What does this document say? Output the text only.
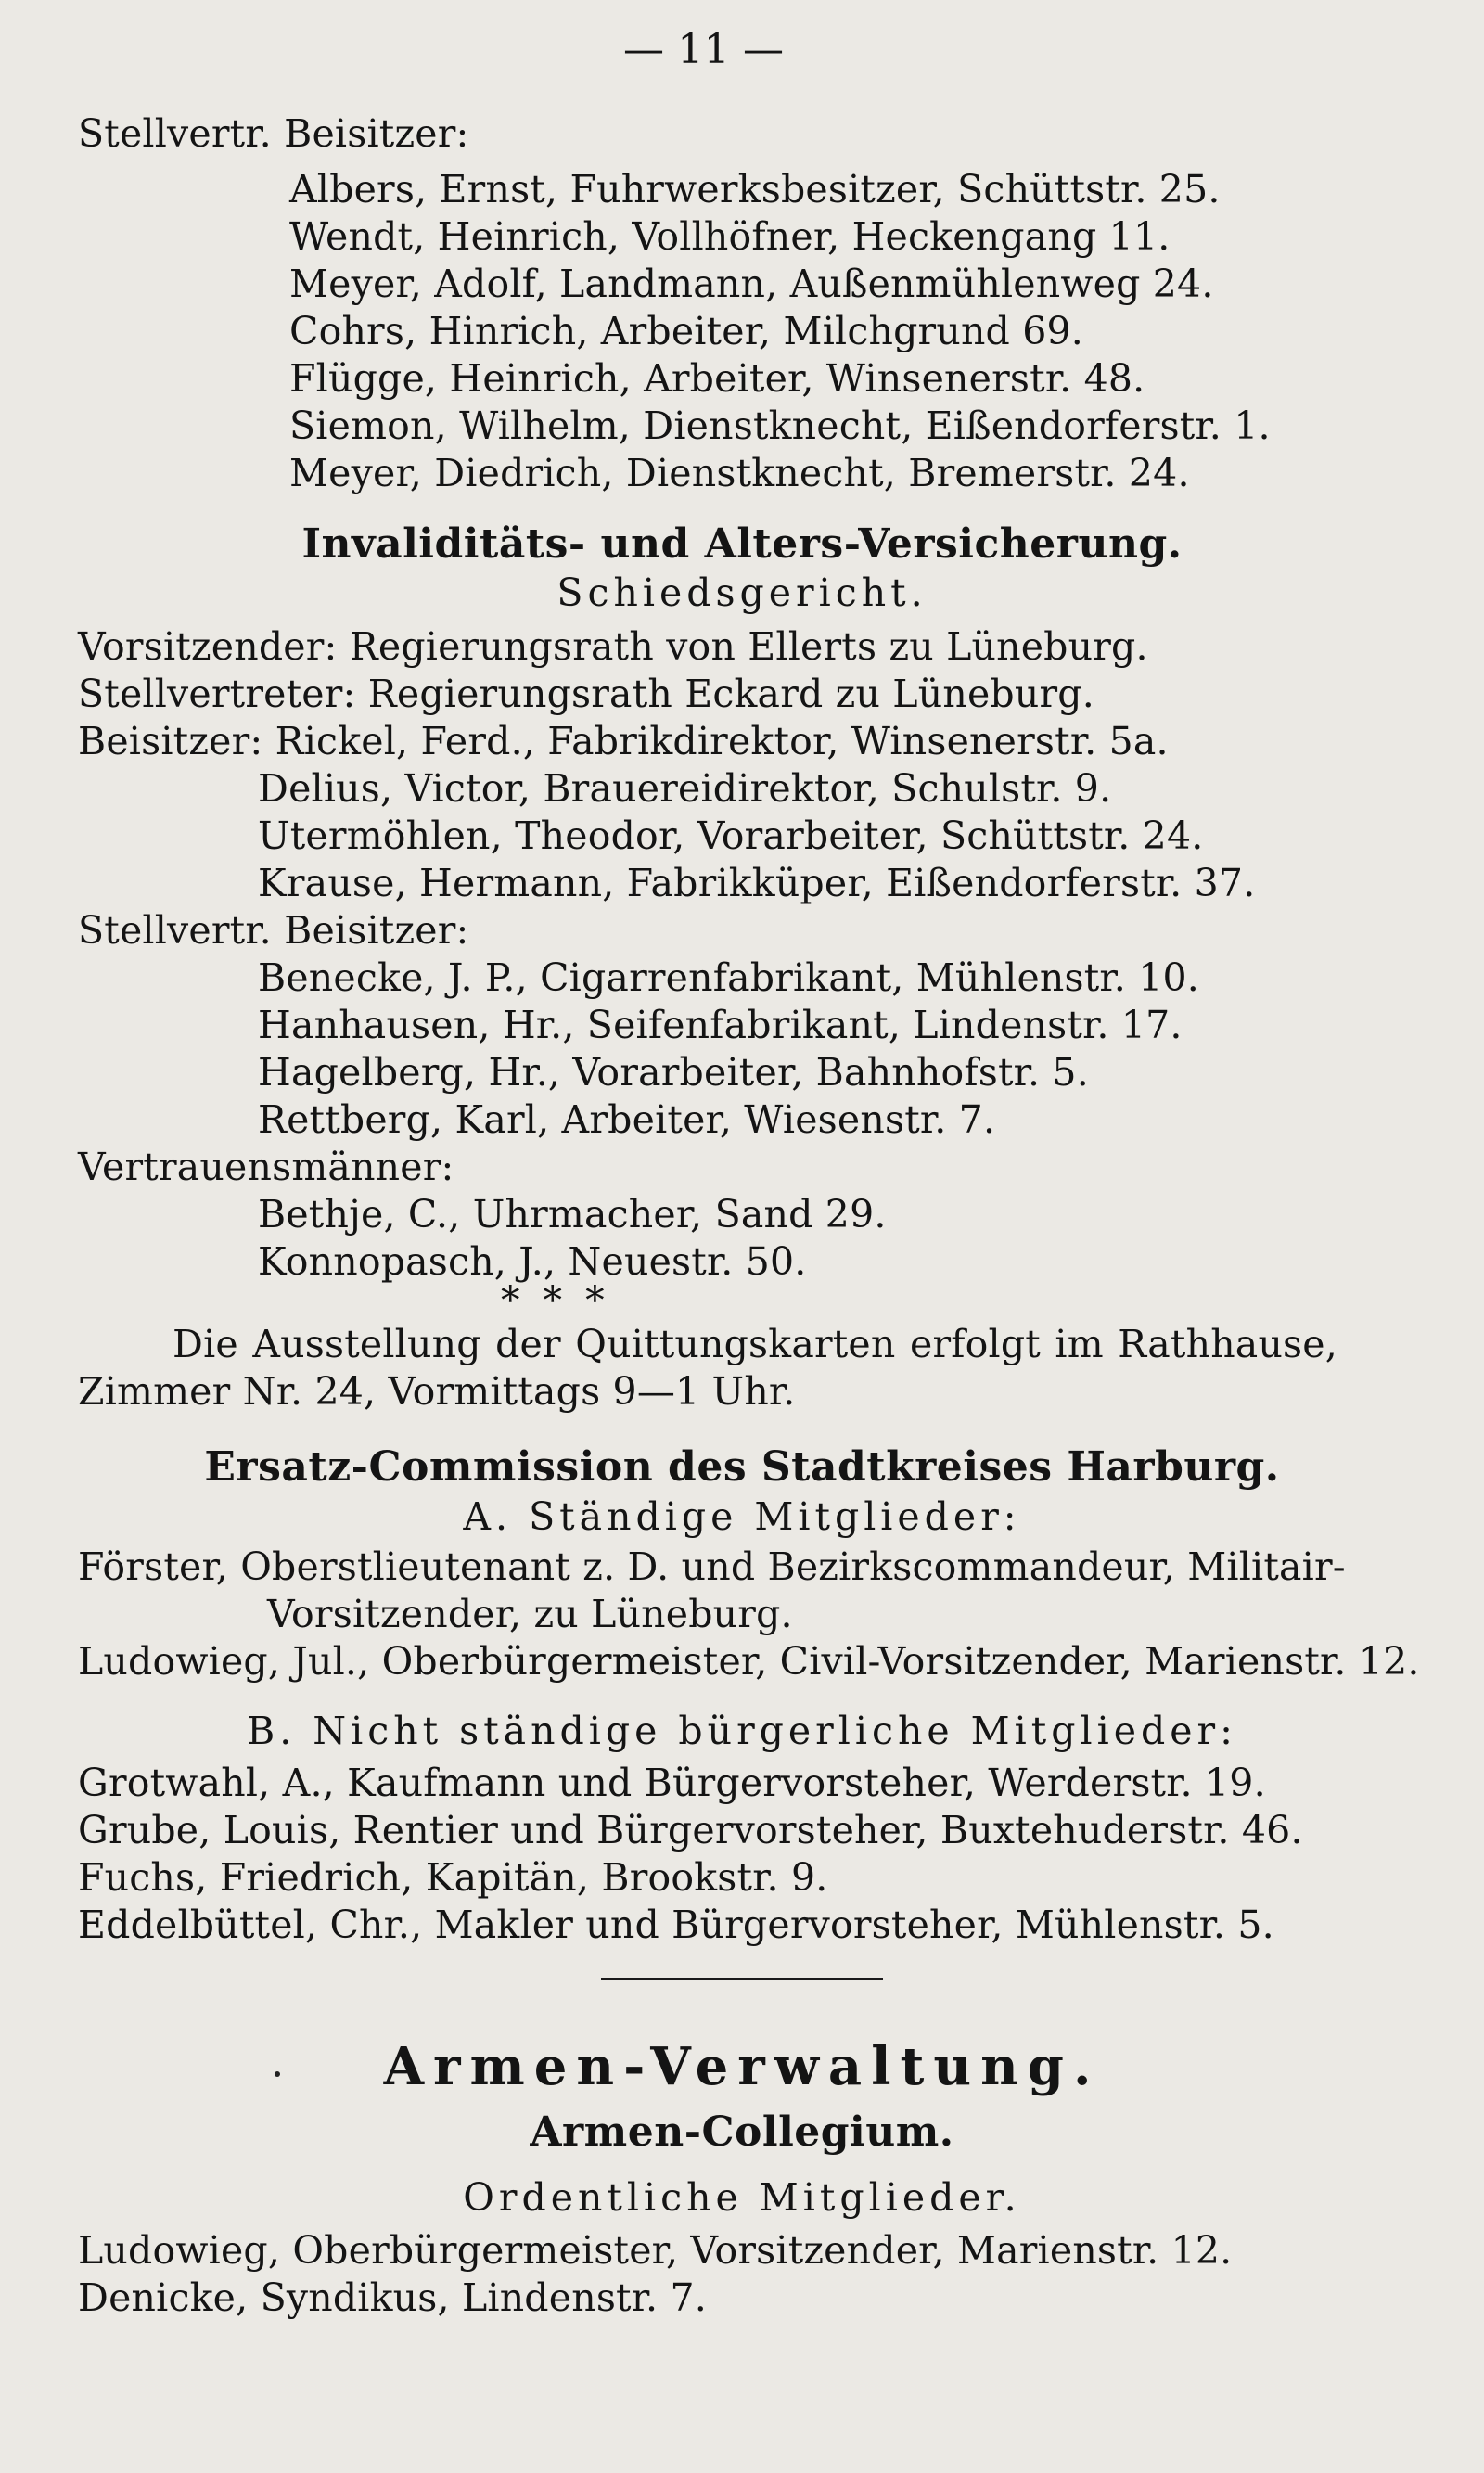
— 11 —
Stellvertr. Beisitzer:
Albers, Ernst, Fuhrwerksbesitzer, Schüttstr. 25.
Wendt, Heinrich, Vollhöfner, Heckengang 11.
Meyer, Adolf, Landmann, Außenmühlenweg 24.
Cohrs, Hinrich, Arbeiter, Milchgrund 69.
Flügge, Heinrich, Arbeiter, Winsenerstr. 48.
Siemon, Wilhelm, Dienstknecht, Eißendorferstr. 1.
Meyer, Diedrich, Dienstknecht, Bremerstr. 24.
Invaliditäts- und Alters-Versicherung.
Schiedsgericht.
Vorsitzender: Regierungsrath von Ellerts zu Lüneburg.
Stellvertreter: Regierungsrath Eckard zu Lüneburg.
Beisitzer: Rickel, Ferd., Fabrikdirektor, Winsenerstr. 5a.
Delius, Victor, Brauereidirektor, Schulstr. 9.
Utermöhlen, Theodor, Vorarbeiter, Schüttstr. 24.
Krause, Hermann, Fabrikküper, Eißendorferstr. 37.
Stellvertr. Beisitzer:
Benecke, J. P., Cigarrenfabrikant, Mühlenstr. 10.
Hanhausen, Hr., Seifenfabrikant, Lindenstr. 17.
Hagelberg, Hr., Vorarbeiter, Bahnhofstr. 5.
Rettberg, Karl, Arbeiter, Wiesenstr. 7.
Vertrauensmänner:
Bethje, C., Uhrmacher, Sand 29.
Konnopasch, J., Neuestr. 50.
* * *
Die Ausstellung der Quittungskarten erfolgt im Rathhause,
Zimmer Nr. 24, Vormittags 9—1 Uhr.
Ersatz-Commission des Stadtkreises Harburg.
A. Ständige Mitglieder:
Förster, Oberstlieutenant z. D. und Bezirkscommandeur, Militair-
Vorsitzender, zu Lüneburg.
Ludowieg, Jul., Oberbürgermeister, Civil-Vorsitzender, Marienstr. 12.
B. Nicht ständige bürgerliche Mitglieder:
Grotwahl, A., Kaufmann und Bürgervorsteher, Werderstr. 19.
Grube, Louis, Rentier und Bürgervorsteher, Buxtehuderstr. 46.
Fuchs, Friedrich, Kapitän, Brookstr. 9.
Eddelbüttel, Chr., Makler und Bürgervorsteher, Mühlenstr. 5.
Armen-Verwaltung.
Armen-Collegium.
Ordentliche Mitglieder.
Ludowieg, Oberbürgermeister, Vorsitzender, Marienstr. 12.
Denicke, Syndikus, Lindenstr. 7.
